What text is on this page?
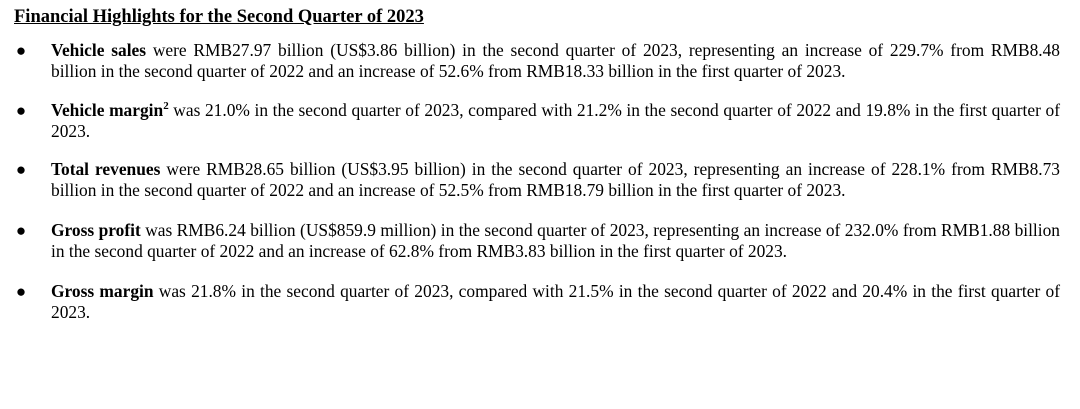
Financial Highlights for the Second Quarter of 2023
● Vehicle sales were RMB27.97 billion (US$3.86 billion) in the second quarter of 2023, representing an increase of 229.7% from RMB8.48 billion in the second quarter of 2022 and an increase of 52.6% from RMB18.33 billion in the first quarter of 2023.
● Vehicle margin$^2$ was 21.0% in the second quarter of 2023, compared with 21.2% in the second quarter of 2022 and 19.8% in the first quarter of 2023.
● Total revenues were RMB28.65 billion (US$3.95 billion) in the second quarter of 2023, representing an increase of 228.1% from RMB8.73 billion in the second quarter of 2022 and an increase of 52.5% from RMB18.79 billion in the first quarter of 2023.
● Gross profit was RMB6.24 billion (US$859.9 million) in the second quarter of 2023, representing an increase of 232.0% from RMB1.88 billion in the second quarter of 2022 and an increase of 62.8% from RMB3.83 billion in the first quarter of 2023.
● Gross margin was 21.8% in the second quarter of 2023, compared with 21.5% in the second quarter of 2022 and 20.4% in the first quarter of 2023.
